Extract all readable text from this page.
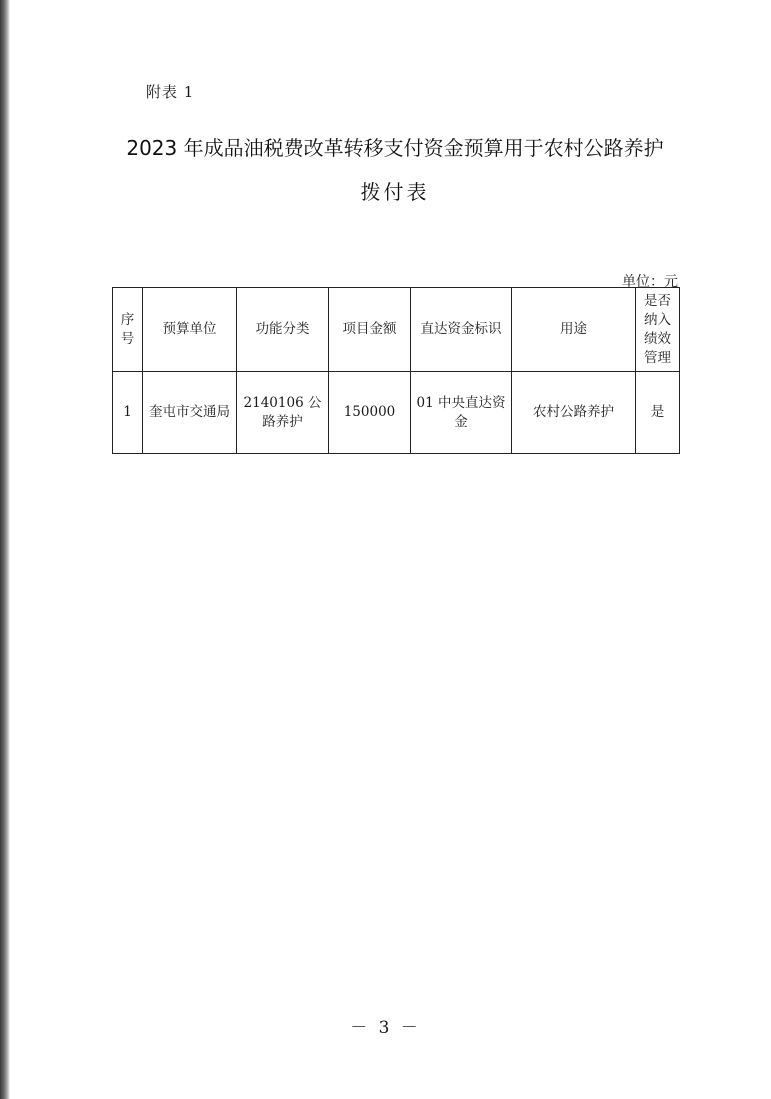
附表 1
2023 年成品油税费改革转移支付资金预算用于农村公路养护
拨付表
单位：元
序号	预算单位	功能分类	项目金额	直达资金标识	用途	是否纳入绩效管理
1	奎屯市交通局	2140106 公路养护	150000	01 中央直达资金	农村公路养护	是
－ 3 －
